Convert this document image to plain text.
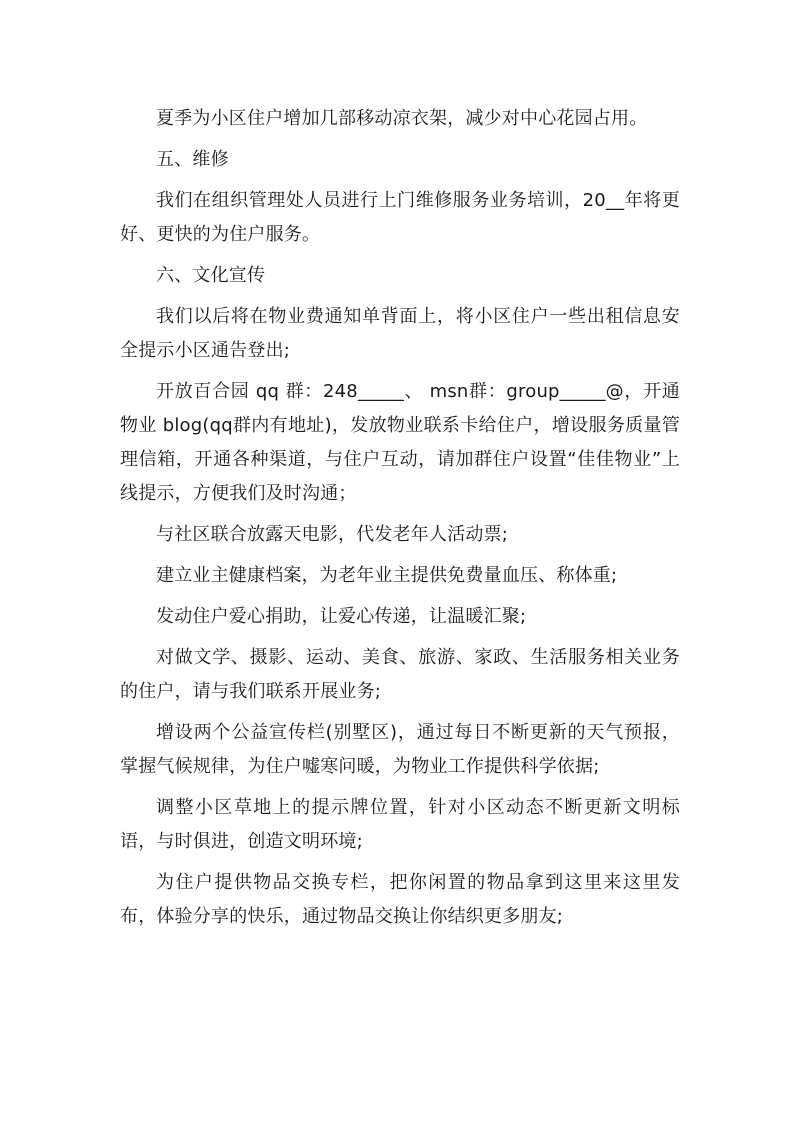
夏季为小区住户增加几部移动凉衣架，减少对中心花园占用。

五、维修

我们在组织管理处人员进行上门维修服务业务培训，20__年将更好、更快的为住户服务。

六、文化宣传

我们以后将在物业费通知单背面上，将小区住户一些出租信息安全提示小区通告登出;

开放百合园 qq 群：248_____、 msn群：group_____@，开通物业 blog(qq群内有地址)，发放物业联系卡给住户，增设服务质量管理信箱，开通各种渠道，与住户互动，请加群住户设置“佳佳物业”上线提示，方便我们及时沟通；

与社区联合放露天电影，代发老年人活动票;

建立业主健康档案，为老年业主提供免费量血压、称体重;

发动住户爱心捐助，让爱心传递，让温暖汇聚;

对做文学、摄影、运动、美食、旅游、家政、生活服务相关业务的住户，请与我们联系开展业务;

增设两个公益宣传栏(别墅区)，通过每日不断更新的天气预报，掌握气候规律，为住户嘘寒问暖，为物业工作提供科学依据;

调整小区草地上的提示牌位置，针对小区动态不断更新文明标语，与时俱进，创造文明环境;

为住户提供物品交换专栏，把你闲置的物品拿到这里来这里发布，体验分享的快乐，通过物品交换让你结织更多朋友;
